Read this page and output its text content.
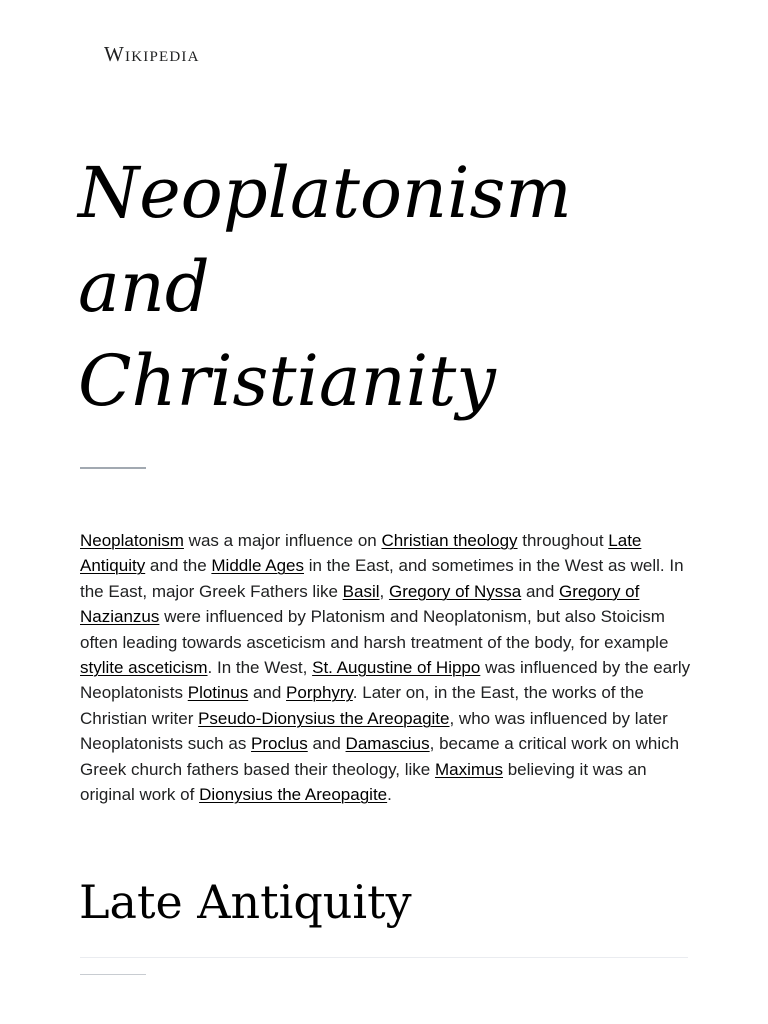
Wikipedia
Neoplatonism
and
Christianity

Neoplatonism was a major influence on Christian theology throughout Late Antiquity and the Middle Ages in the East, and sometimes in the West as well. In the East, major Greek Fathers like Basil, Gregory of Nyssa and Gregory of Nazianzus were influenced by Platonism and Neoplatonism, but also Stoicism often leading towards asceticism and harsh treatment of the body, for example stylite asceticism. In the West, St. Augustine of Hippo was influenced by the early Neoplatonists Plotinus and Porphyry. Later on, in the East, the works of the Christian writer Pseudo-Dionysius the Areopagite, who was influenced by later Neoplatonists such as Proclus and Damascius, became a critical work on which Greek church fathers based their theology, like Maximus believing it was an original work of Dionysius the Areopagite.

Late Antiquity
